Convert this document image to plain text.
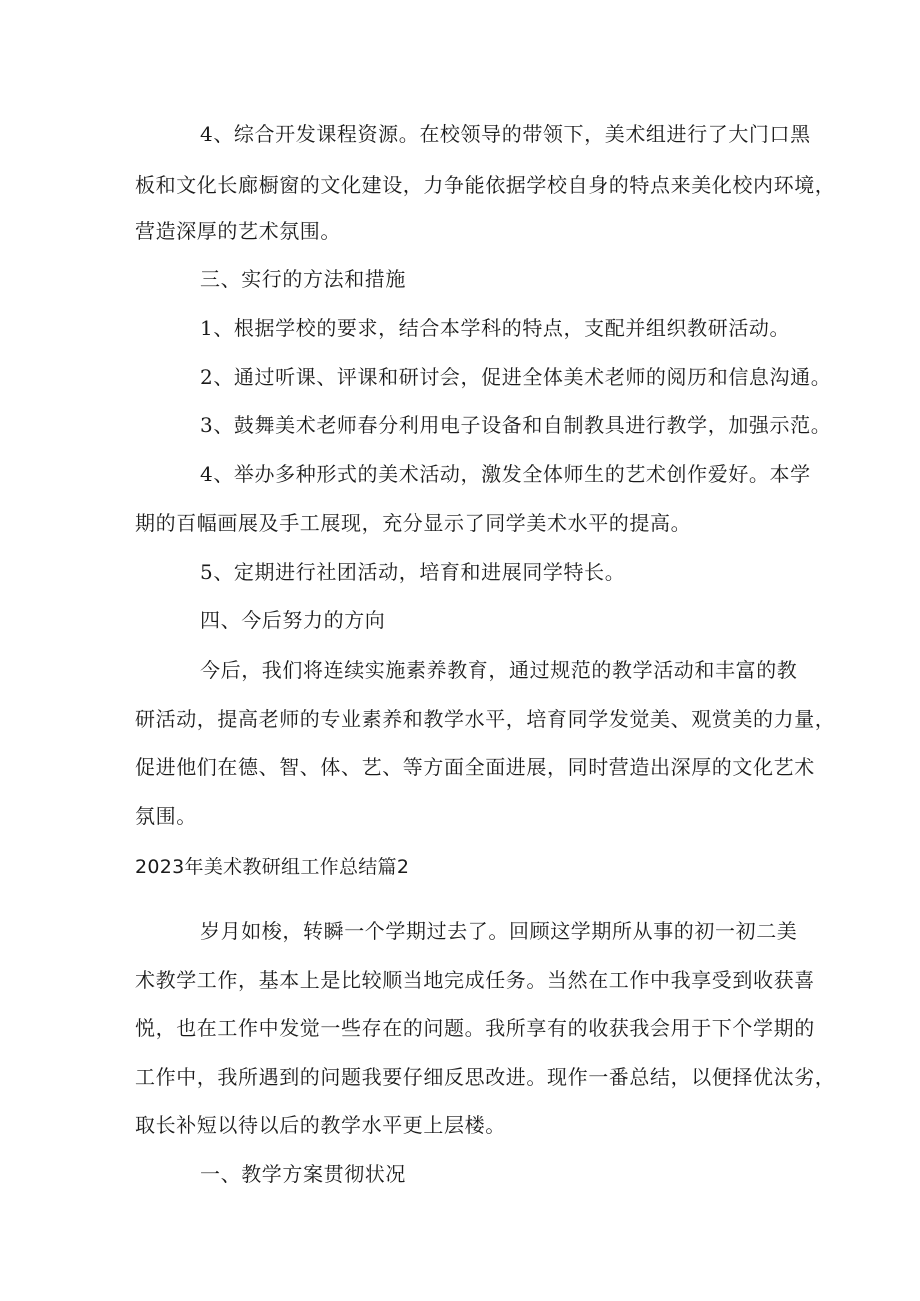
4、综合开发课程资源。在校领导的带领下，美术组进行了大门口黑
板和文化长廊橱窗的文化建设，力争能依据学校自身的特点来美化校内环境，
营造深厚的艺术氛围。
三、实行的方法和措施
1、根据学校的要求，结合本学科的特点，支配并组织教研活动。
2、通过听课、评课和研讨会，促进全体美术老师的阅历和信息沟通。
3、鼓舞美术老师春分利用电子设备和自制教具进行教学，加强示范。
4、举办多种形式的美术活动，激发全体师生的艺术创作爱好。本学
期的百幅画展及手工展现，充分显示了同学美术水平的提高。
5、定期进行社团活动，培育和进展同学特长。
四、今后努力的方向
今后，我们将连续实施素养教育，通过规范的教学活动和丰富的教
研活动，提高老师的专业素养和教学水平，培育同学发觉美、观赏美的力量，
促进他们在德、智、体、艺、等方面全面进展，同时营造出深厚的文化艺术
氛围。
2023年美术教研组工作总结篇2
岁月如梭，转瞬一个学期过去了。回顾这学期所从事的初一初二美
术教学工作，基本上是比较顺当地完成任务。当然在工作中我享受到收获喜
悦，也在工作中发觉一些存在的问题。我所享有的收获我会用于下个学期的
工作中，我所遇到的问题我要仔细反思改进。现作一番总结，以便择优汰劣，
取长补短以待以后的教学水平更上层楼。
一、教学方案贯彻状况
